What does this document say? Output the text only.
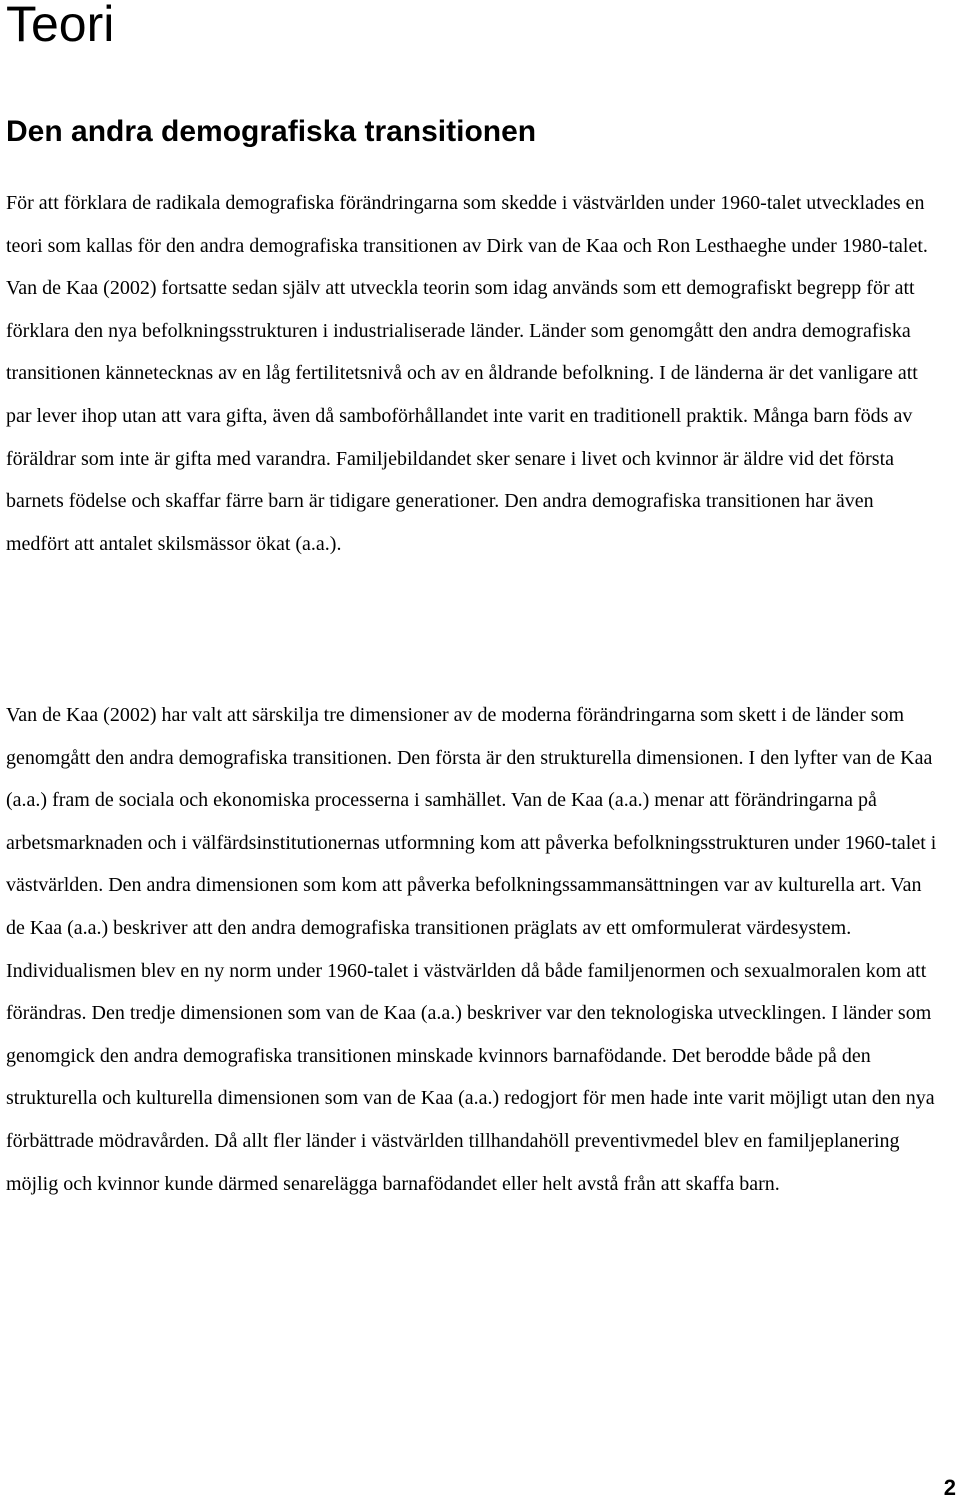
Teori
Den andra demografiska transitionen

För att förklara de radikala demografiska förändringarna som skedde i västvärlden under 1960-talet utvecklades en teori som kallas för den andra demografiska transitionen av Dirk van de Kaa och Ron Lesthaeghe under 1980-talet. Van de Kaa (2002) fortsatte sedan själv att utveckla teorin som idag används som ett demografiskt begrepp för att förklara den nya befolkningsstrukturen i industrialiserade länder. Länder som genomgått den andra demografiska transitionen kännetecknas av en låg fertilitetsnivå och av en åldrande befolkning. I de länderna är det vanligare att par lever ihop utan att vara gifta, även då samboförhållandet inte varit en traditionell praktik. Många barn föds av föräldrar som inte är gifta med varandra. Familjebildandet sker senare i livet och kvinnor är äldre vid det första barnets födelse och skaffar färre barn är tidigare generationer. Den andra demografiska transitionen har även medfört att antalet skilsmässor ökat (a.a.).

Van de Kaa (2002) har valt att särskilja tre dimensioner av de moderna förändringarna som skett i de länder som genomgått den andra demografiska transitionen. Den första är den strukturella dimensionen. I den lyfter van de Kaa (a.a.) fram de sociala och ekonomiska processerna i samhället. Van de Kaa (a.a.) menar att förändringarna på arbetsmarknaden och i välfärdsinstitutionernas utformning kom att påverka befolkningsstrukturen under 1960-talet i västvärlden. Den andra dimensionen som kom att påverka befolkningssammansättningen var av kulturella art. Van de Kaa (a.a.) beskriver att den andra demografiska transitionen präglats av ett omformulerat värdesystem. Individualismen blev en ny norm under 1960-talet i västvärlden då både familjenormen och sexualmoralen kom att förändras. Den tredje dimensionen som van de Kaa (a.a.) beskriver var den teknologiska utvecklingen. I länder som genomgick den andra demografiska transitionen minskade kvinnors barnafödande. Det berodde både på den strukturella och kulturella dimensionen som van de Kaa (a.a.) redogjort för men hade inte varit möjligt utan den nya förbättrade mödravården. Då allt fler länder i västvärlden tillhandahöll preventivmedel blev en familjeplanering möjlig och kvinnor kunde därmed senarelägga barnafödandet eller helt avstå från att skaffa barn.

2
